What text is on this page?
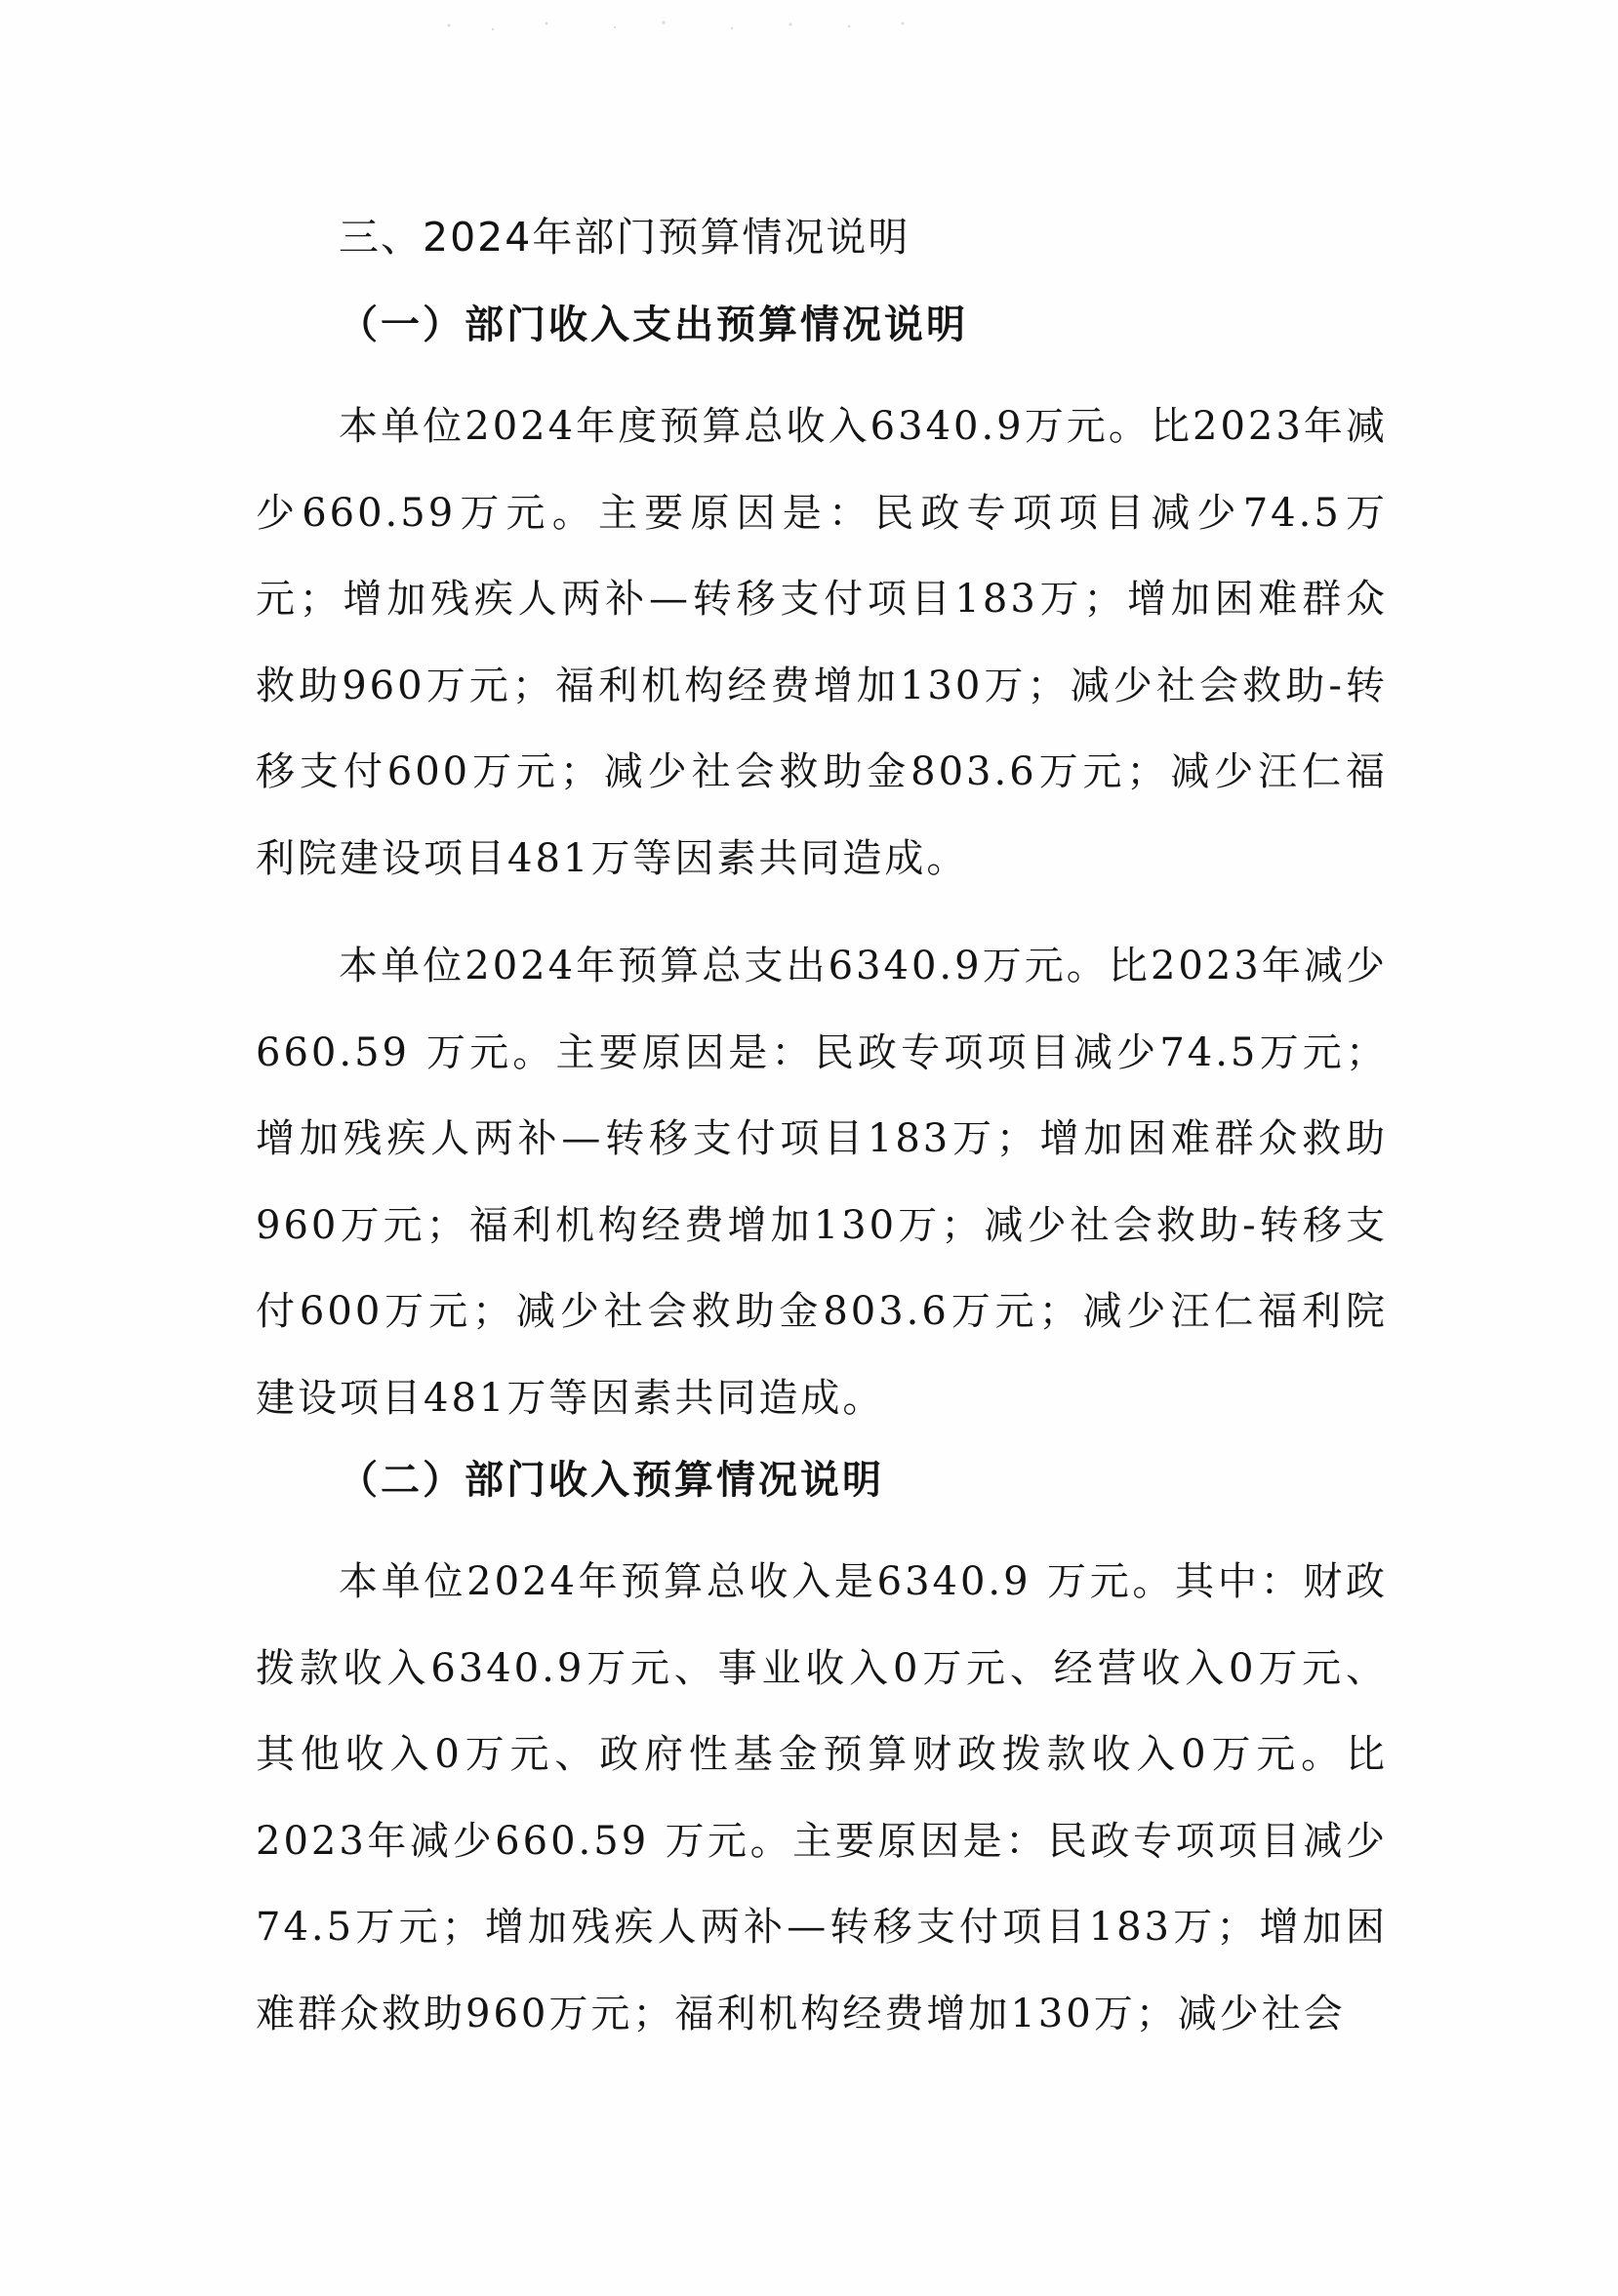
三、2024年部门预算情况说明
（一）部门收入支出预算情况说明

本单位2024年度预算总收入6340.9万元。比2023年减少660.59万元。主要原因是：民政专项项目减少74.5万元；增加残疾人两补—转移支付项目183万；增加困难群众救助960万元；福利机构经费增加130万；减少社会救助-转移支付600万元；减少社会救助金803.6万元；减少汪仁福利院建设项目481万等因素共同造成。

本单位2024年预算总支出6340.9万元。比2023年减少660.59 万元。主要原因是：民政专项项目减少74.5万元；增加残疾人两补—转移支付项目183万；增加困难群众救助960万元；福利机构经费增加130万；减少社会救助-转移支付600万元；减少社会救助金803.6万元；减少汪仁福利院建设项目481万等因素共同造成。

（二）部门收入预算情况说明

本单位2024年预算总收入是6340.9 万元。其中：财政拨款收入6340.9万元、事业收入0万元、经营收入0万元、其他收入0万元、政府性基金预算财政拨款收入0万元。比2023年减少660.59 万元。主要原因是：民政专项项目减少74.5万元；增加残疾人两补—转移支付项目183万；增加困难群众救助960万元；福利机构经费增加130万；减少社会
